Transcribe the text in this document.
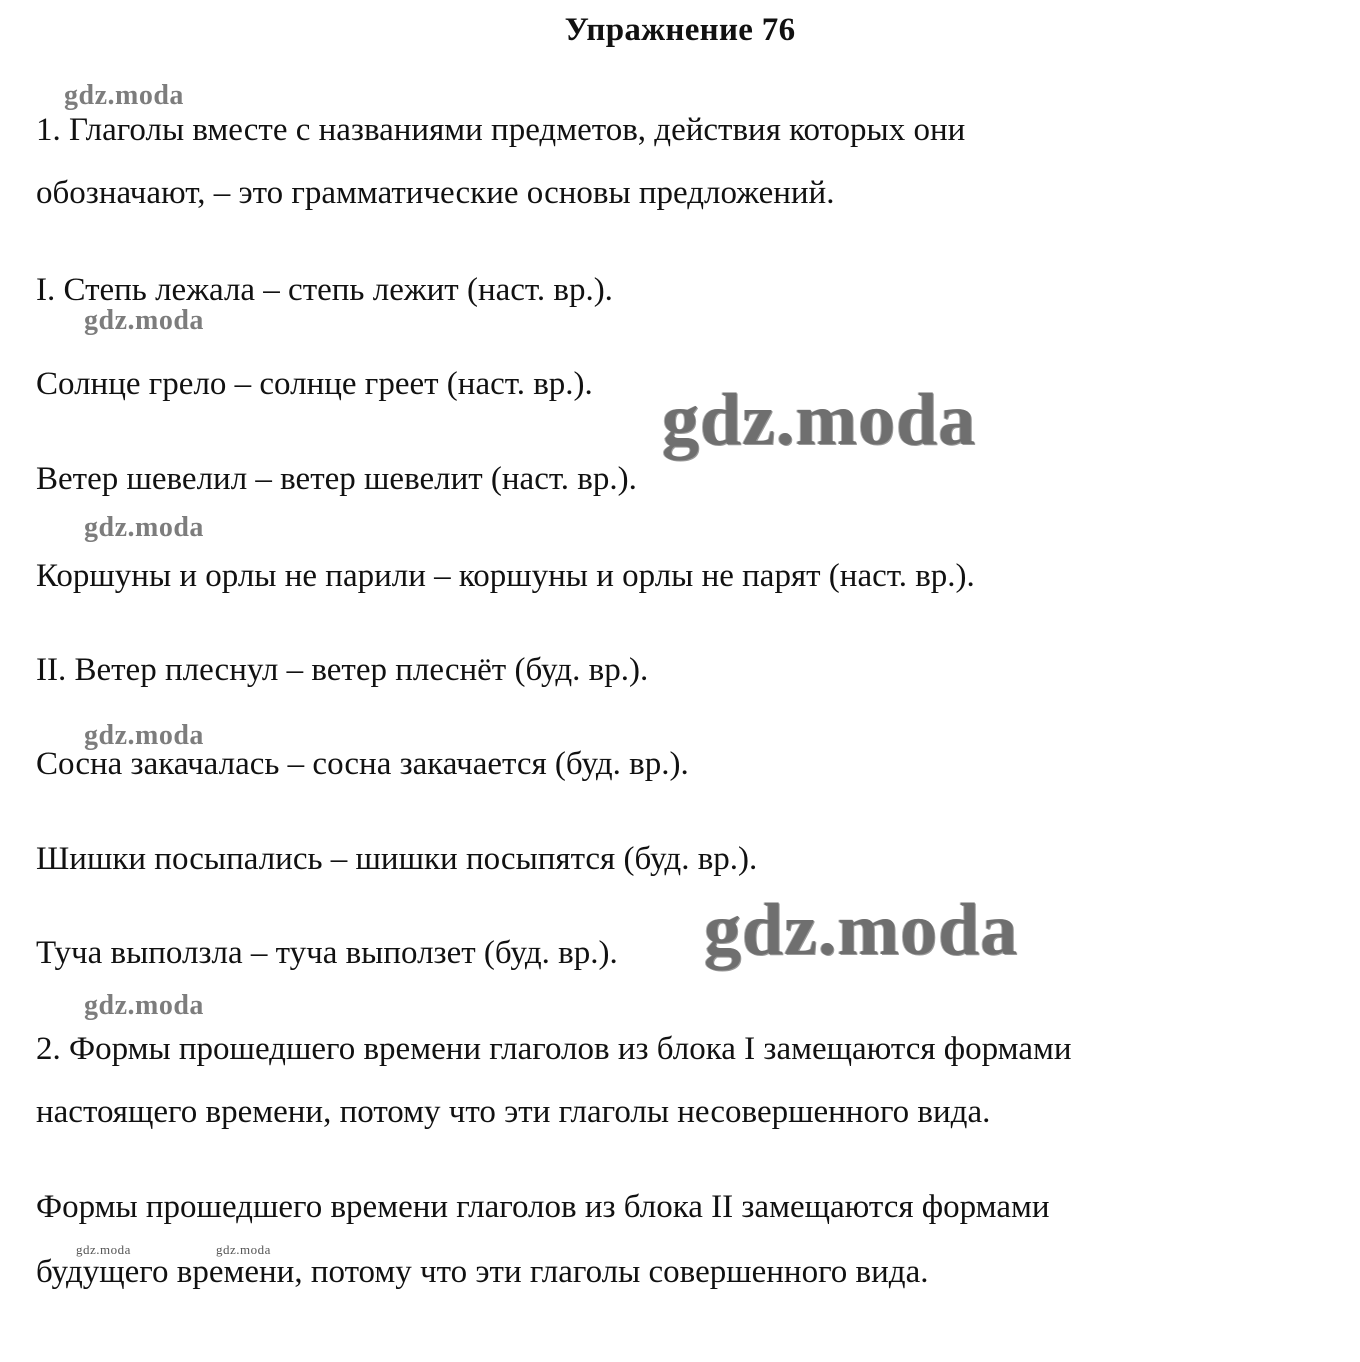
Упражнение 76
gdz.moda
gdz.moda
gdz.moda
gdz.moda
gdz.moda
gdz.moda
gdz.moda
gdz.moda	gdz.moda
1. Глаголы вместе с названиями предметов, действия которых они
обозначают, – это грамматические основы предложений.
I. Степь лежала – степь лежит (наст. вр.).
Солнце грело – солнце греет (наст. вр.).
Ветер шевелил – ветер шевелит (наст. вр.).
Коршуны и орлы не парили – коршуны и орлы не парят (наст. вр.).
II. Ветер плеснул – ветер плеснёт (буд. вр.).
Сосна закачалась – сосна закачается (буд. вр.).
Шишки посыпались – шишки посыпятся (буд. вр.).
Туча выползла – туча выползет (буд. вр.).
2. Формы прошедшего времени глаголов из блока I замещаются формами
настоящего времени, потому что эти глаголы несовершенного вида.
Формы прошедшего времени глаголов из блока II замещаются формами
будущего времени, потому что эти глаголы совершенного вида.
